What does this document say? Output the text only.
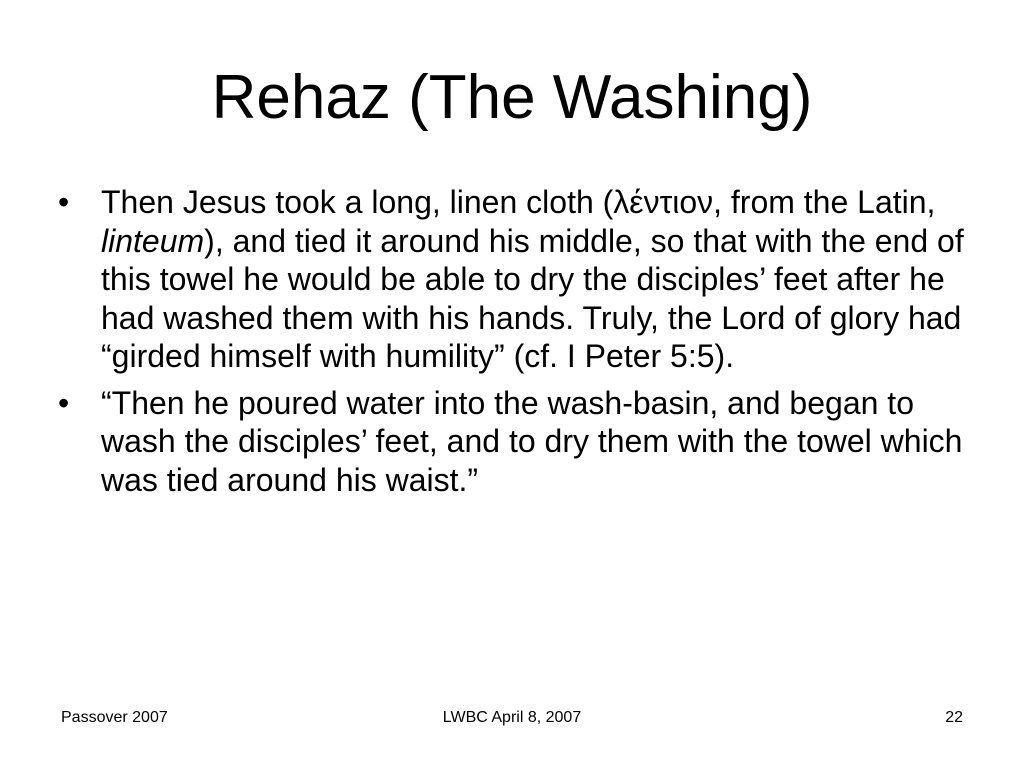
Rehaz (The Washing)
• Then Jesus took a long, linen cloth (λέντιον, from the Latin, linteum), and tied it around his middle, so that with the end of this towel he would be able to dry the disciples’ feet after he had washed them with his hands. Truly, the Lord of glory had “girded himself with humility” (cf. I Peter 5:5).
• “Then he poured water into the wash-basin, and began to wash the disciples’ feet, and to dry them with the towel which was tied around his waist.”
Passover 2007	LWBC April 8, 2007	22
